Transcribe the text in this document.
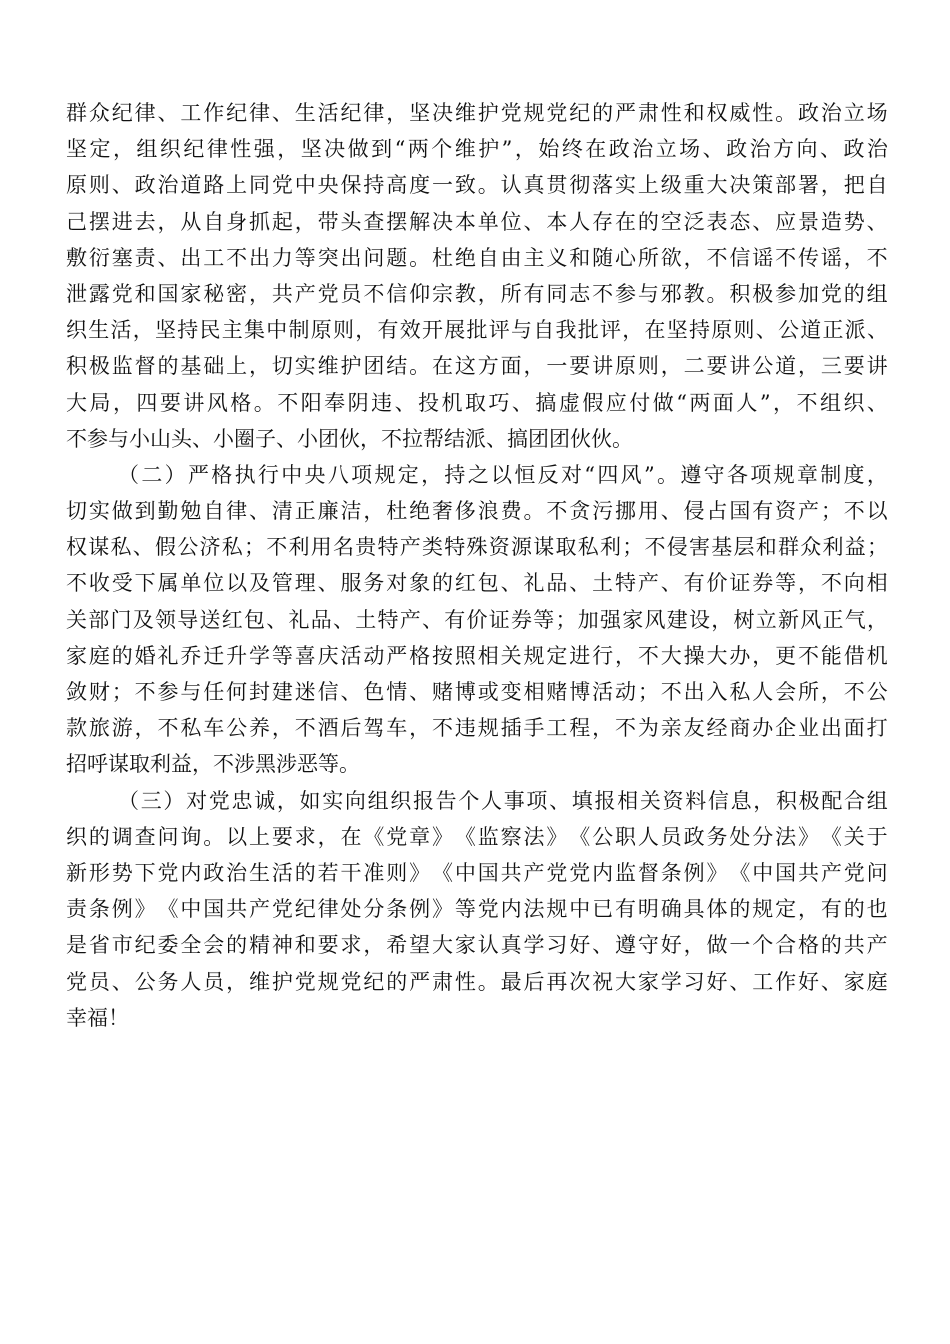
群 众 纪 律 、 工 作 纪 律 、 生 活 纪 律 ， 坚 决 维 护 党 规 党 纪 的 严 肃 性 和 权 威 性 。 政 治 立 场
坚 定 ， 组 织 纪 律 性 强 ， 坚 决 做 到 “ 两 个 维 护 ” ， 始 终 在 政 治 立 场 、 政 治 方 向 、 政 治
原 则 、 政 治 道 路 上 同 党 中 央 保 持 高 度 一 致 。 认 真 贯 彻 落 实 上 级 重 大 决 策 部 署 ， 把 自
己 摆 进 去 ， 从 自 身 抓 起 ， 带 头 查 摆 解 决 本 单 位 、 本 人 存 在 的 空 泛 表 态 、 应 景 造 势 、
敷 衍 塞 责 、 出 工 不 出 力 等 突 出 问 题 。 杜 绝 自 由 主 义 和 随 心 所 欲 ， 不 信 谣 不 传 谣 ， 不
泄 露 党 和 国 家 秘 密 ， 共 产 党 员 不 信 仰 宗 教 ， 所 有 同 志 不 参 与 邪 教 。 积 极 参 加 党 的 组
织 生 活 ， 坚 持 民 主 集 中 制 原 则 ， 有 效 开 展 批 评 与 自 我 批 评 ， 在 坚 持 原 则 、 公 道 正 派 、
积 极 监 督 的 基 础 上 ， 切 实 维 护 团 结 。 在 这 方 面 ， 一 要 讲 原 则 ， 二 要 讲 公 道 ， 三 要 讲
大 局 ， 四 要 讲 风 格 。 不 阳 奉 阴 违 、 投 机 取 巧 、 搞 虚 假 应 付 做 “ 两 面 人 ” ， 不 组 织 、
不参与小山头、小圈子、小团伙，不拉帮结派、搞团团伙伙。
（ 二 ） 严 格 执 行 中 央 八 项 规 定 ， 持 之 以 恒 反 对 “ 四 风 ” 。 遵 守 各 项 规 章 制 度 ，
切 实 做 到 勤 勉 自 律 、 清 正 廉 洁 ， 杜 绝 奢 侈 浪 费 。 不 贪 污 挪 用 、 侵 占 国 有 资 产 ； 不 以
权 谋 私 、 假 公 济 私 ； 不 利 用 名 贵 特 产 类 特 殊 资 源 谋 取 私 利 ； 不 侵 害 基 层 和 群 众 利 益 ；
不 收 受 下 属 单 位 以 及 管 理 、 服 务 对 象 的 红 包 、 礼 品 、 土 特 产 、 有 价 证 券 等 ， 不 向 相
关 部 门 及 领 导 送 红 包 、 礼 品 、 土 特 产 、 有 价 证 券 等 ； 加 强 家 风 建 设 ， 树 立 新 风 正 气 ，
家 庭 的 婚 礼 乔 迁 升 学 等 喜 庆 活 动 严 格 按 照 相 关 规 定 进 行 ， 不 大 操 大 办 ， 更 不 能 借 机
敛 财 ； 不 参 与 任 何 封 建 迷 信 、 色 情 、 赌 博 或 变 相 赌 博 活 动 ； 不 出 入 私 人 会 所 ， 不 公
款 旅 游 ， 不 私 车 公 养 ， 不 酒 后 驾 车 ， 不 违 规 插 手 工 程 ， 不 为 亲 友 经 商 办 企 业 出 面 打
招呼谋取利益，不涉黑涉恶等。
（ 三 ） 对 党 忠 诚 ， 如 实 向 组 织 报 告 个 人 事 项 、 填 报 相 关 资 料 信 息 ， 积 极 配 合 组
织 的 调 查 问 询 。 以 上 要 求 ， 在 《 党 章 》 《 监 察 法 》 《 公 职 人 员 政 务 处 分 法 》 《 关 于
新 形 势 下 党 内 政 治 生 活 的 若 干 准 则 》 《 中 国 共 产 党 党 内 监 督 条 例 》 《 中 国 共 产 党 问
责 条 例 》 《 中 国 共 产 党 纪 律 处 分 条 例 》 等 党 内 法 规 中 已 有 明 确 具 体 的 规 定 ， 有 的 也
是 省 市 纪 委 全 会 的 精 神 和 要 求 ， 希 望 大 家 认 真 学 习 好 、 遵 守 好 ， 做 一 个 合 格 的 共 产
党 员 、 公 务 人 员 ， 维 护 党 规 党 纪 的 严 肃 性 。 最 后 再 次 祝 大 家 学 习 好 、 工 作 好 、 家 庭
幸福！
